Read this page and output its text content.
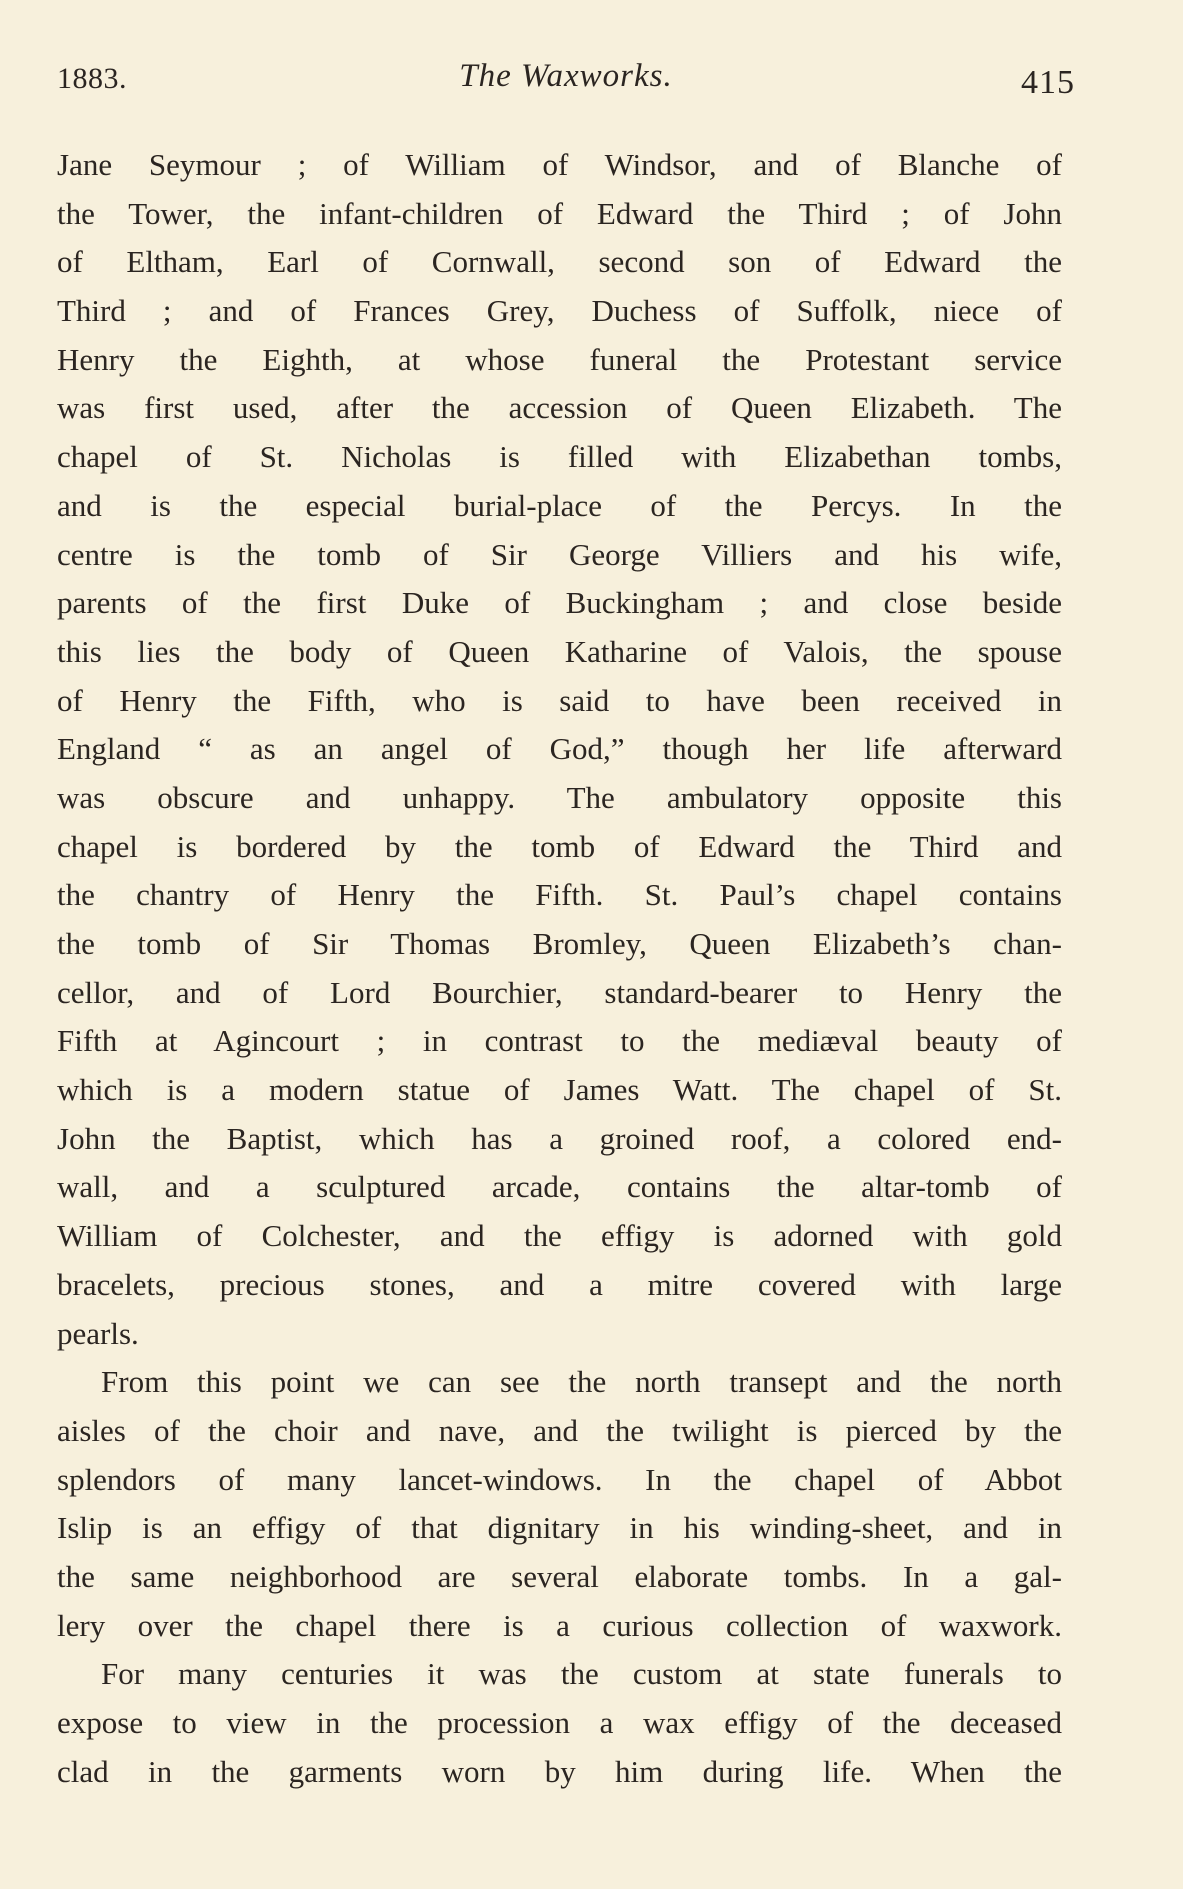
1883.	The Waxworks.	415
Jane Seymour ; of William of Windsor, and of Blanche of
the Tower, the infant-children of Edward the Third ; of John
of Eltham, Earl of Cornwall, second son of Edward the
Third ; and of Frances Grey, Duchess of Suffolk, niece of
Henry the Eighth, at whose funeral the Protestant service
was first used, after the accession of Queen Elizabeth. The
chapel of St. Nicholas is filled with Elizabethan tombs,
and is the especial burial-place of the Percys. In the
centre is the tomb of Sir George Villiers and his wife,
parents of the first Duke of Buckingham ; and close beside
this lies the body of Queen Katharine of Valois, the spouse
of Henry the Fifth, who is said to have been received in
England “ as an angel of God,” though her life afterward
was obscure and unhappy. The ambulatory opposite this
chapel is bordered by the tomb of Edward the Third and
the chantry of Henry the Fifth. St. Paul’s chapel contains
the tomb of Sir Thomas Bromley, Queen Elizabeth’s chan-
cellor, and of Lord Bourchier, standard-bearer to Henry the
Fifth at Agincourt ; in contrast to the mediæval beauty of
which is a modern statue of James Watt. The chapel of St.
John the Baptist, which has a groined roof, a colored end-
wall, and a sculptured arcade, contains the altar-tomb of
William of Colchester, and the effigy is adorned with gold
bracelets, precious stones, and a mitre covered with large
pearls.
From this point we can see the north transept and the north
aisles of the choir and nave, and the twilight is pierced by the
splendors of many lancet-windows. In the chapel of Abbot
Islip is an effigy of that dignitary in his winding-sheet, and in
the same neighborhood are several elaborate tombs. In a gal-
lery over the chapel there is a curious collection of waxwork.
For many centuries it was the custom at state funerals to
expose to view in the procession a wax effigy of the deceased
clad in the garments worn by him during life. When the
